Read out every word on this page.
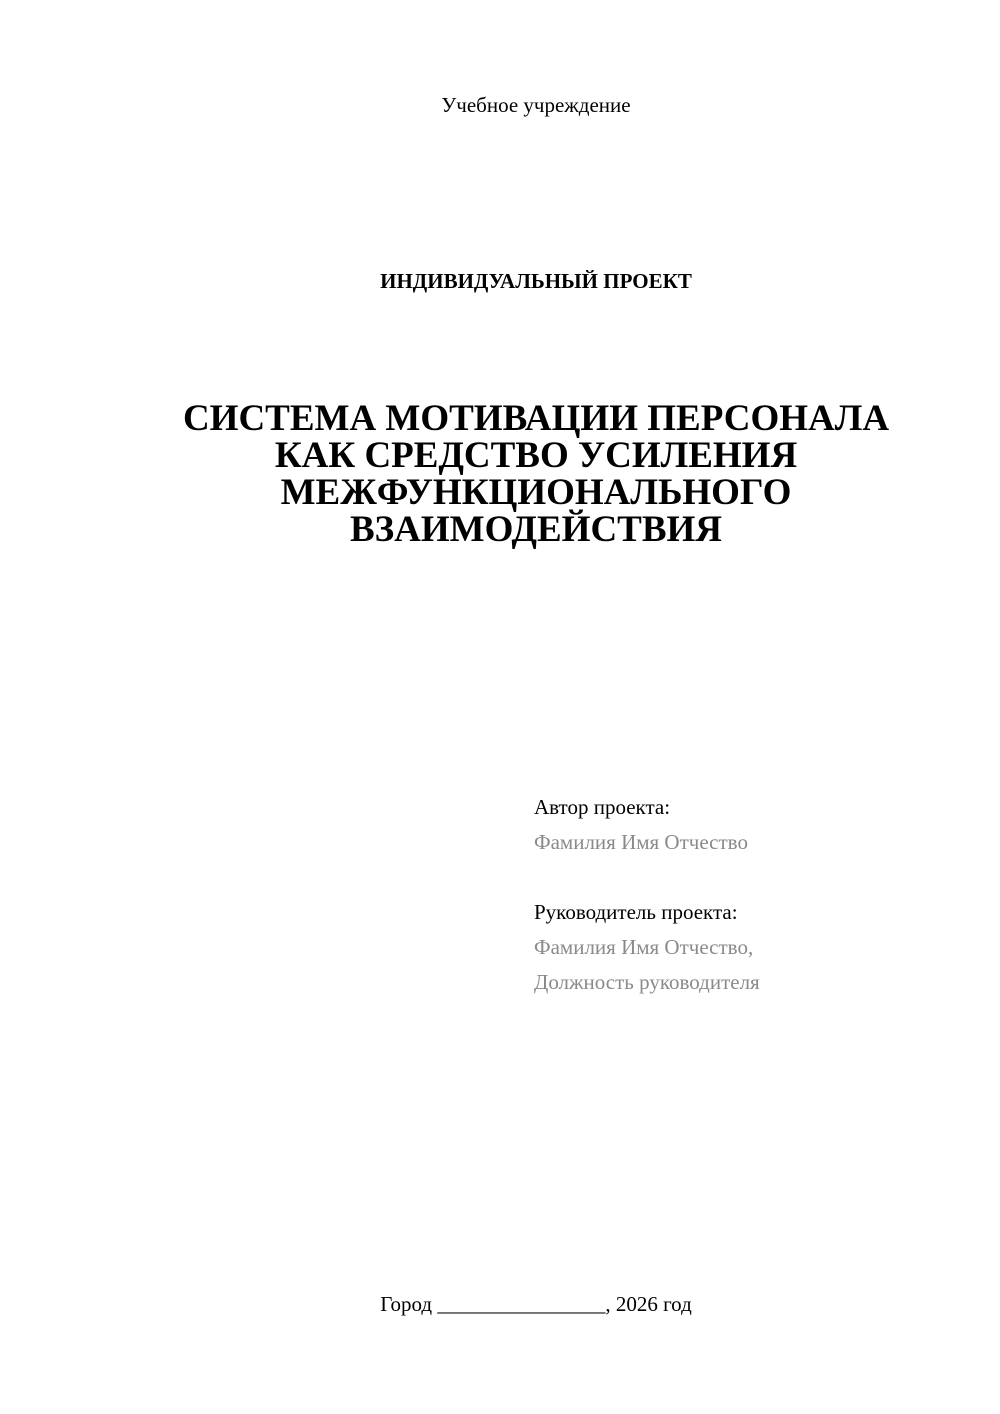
Учебное учреждение
ИНДИВИДУАЛЬНЫЙ ПРОЕКТ
СИСТЕМА МОТИВАЦИИ ПЕРСОНАЛА
КАК СРЕДСТВО УСИЛЕНИЯ
МЕЖФУНКЦИОНАЛЬНОГО
ВЗАИМОДЕЙСТВИЯ
Автор проекта:
Фамилия Имя Отчество
Руководитель проекта:
Фамилия Имя Отчество,
Должность руководителя
Город ________________, 2026 год
